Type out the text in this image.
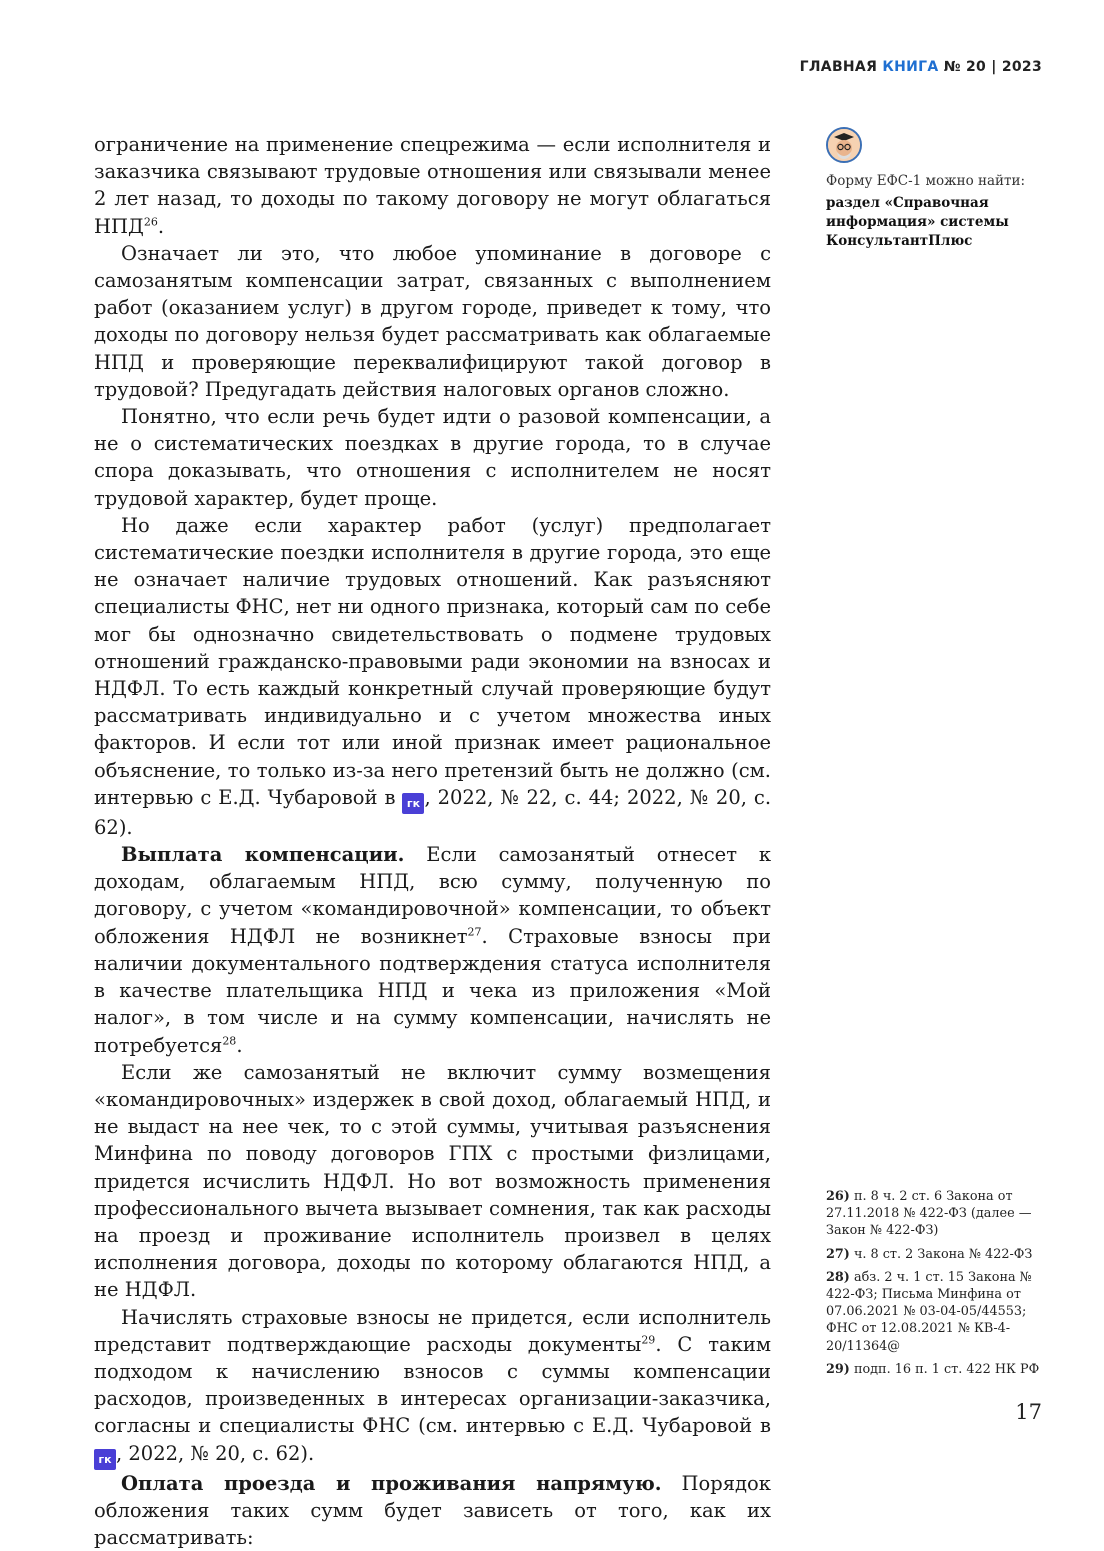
ГЛАВНАЯ КНИГА № 20 | 2023

ограничение на применение спецрежима — если исполнителя и заказчика связывают трудовые отношения или связывали менее 2 лет назад, то доходы по такому договору не могут облагаться НПД$^{26}$.

Означает ли это, что любое упоминание в договоре с самозанятым компенсации затрат, связанных с выполнением работ (оказанием услуг) в другом городе, приведет к тому, что доходы по договору нельзя будет рассматривать как облагаемые НПД и проверяющие переквалифицируют такой договор в трудовой? Предугадать действия налоговых органов сложно.

Понятно, что если речь будет идти о разовой компенсации, а не о систематических поездках в другие города, то в случае спора доказывать, что отношения с исполнителем не носят трудовой характер, будет проще.

Но даже если характер работ (услуг) предполагает систематические поездки исполнителя в другие города, это еще не означает наличие трудовых отношений. Как разъясняют специалисты ФНС, нет ни одного признака, который сам по себе мог бы однозначно свидетельствовать о подмене трудовых отношений гражданско-правовыми ради экономии на взносах и НДФЛ. То есть каждый конкретный случай проверяющие будут рассматривать индивидуально и с учетом множества иных факторов. И если тот или иной признак имеет рациональное объяснение, то только из-за него претензий быть не должно (см. интервью с Е.Д. Чубаровой в гк , 2022, № 22, с. 44; 2022, № 20, с. 62).

Выплата компенсации. Если самозанятый отнесет к доходам, облагаемым НПД, всю сумму, полученную по договору, с учетом «командировочной» компенсации, то объект обложения НДФЛ не возникнет$^{27}$. Страховые взносы при наличии документального подтверждения статуса исполнителя в качестве плательщика НПД и чека из приложения «Мой налог», в том числе и на сумму компенсации, начислять не потребуется$^{28}$.

Если же самозанятый не включит сумму возмещения «командировочных» издержек в свой доход, облагаемый НПД, и не выдаст на нее чек, то с этой суммы, учитывая разъяснения Минфина по поводу договоров ГПХ с простыми физлицами, придется исчислить НДФЛ. Но вот возможность применения профессионального вычета вызывает сомнения, так как расходы на проезд и проживание исполнитель произвел в целях исполнения договора, доходы по которому облагаются НПД, а не НДФЛ.

Начислять страховые взносы не придется, если исполнитель представит подтверждающие расходы документы$^{29}$. С таким подходом к начислению взносов с суммы компенсации расходов, произведенных в интересах организации-заказчика, согласны и специалисты ФНС (см. интервью с Е.Д. Чубаровой в гк , 2022, № 20, с. 62).

Оплата проезда и проживания напрямую. Порядок обложения таких сумм будет зависеть от того, как их рассматривать:

Форму ЕФС-1 можно найти:
раздел «Справочная информация» системы КонсультантПлюс
26) п. 8 ч. 2 ст. 6 Закона от 27.11.2018 № 422-ФЗ (далее — Закон № 422-ФЗ)
27) ч. 8 ст. 2 Закона № 422-ФЗ
28) абз. 2 ч. 1 ст. 15 Закона № 422-ФЗ; Письма Минфина от 07.06.2021 № 03-04-05/44553; ФНС от 12.08.2021 № КВ-4-20/11364@
29) подп. 16 п. 1 ст. 422 НК РФ
17
